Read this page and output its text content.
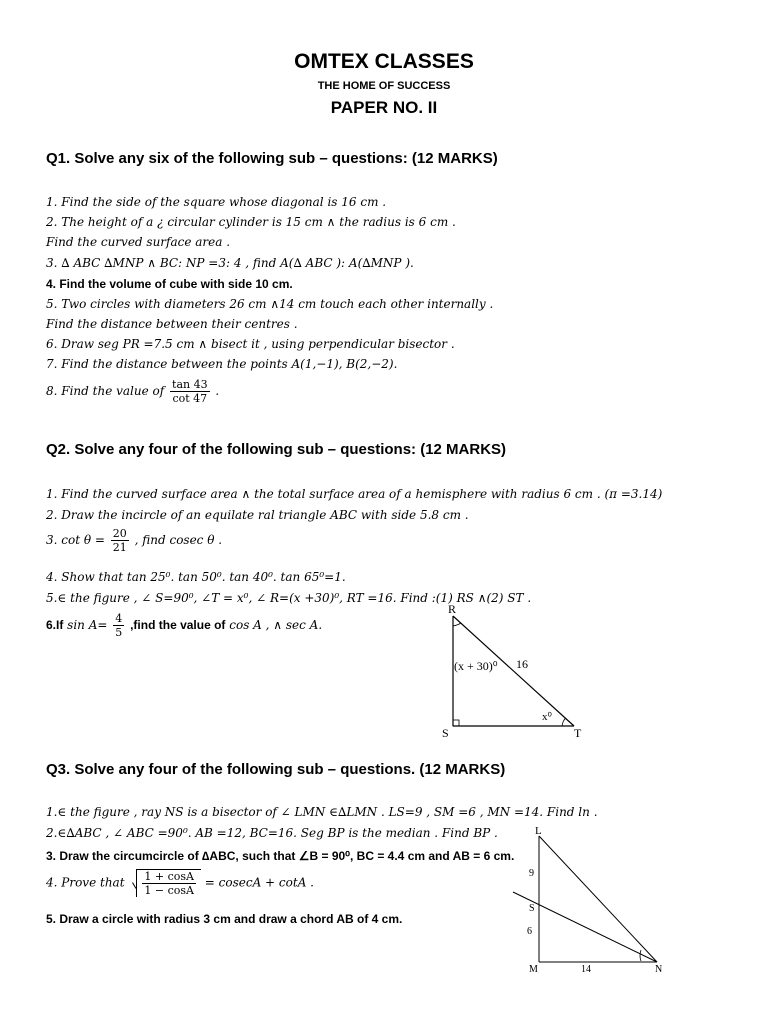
OMTEX CLASSES
THE HOME OF SUCCESS
PAPER NO. II
Q1. Solve any six of the following sub – questions: (12 MARKS)
1. Find the side of the square whose diagonal is 16 cm .
2. The height of a ¿ circular cylinder is 15 cm ∧ the radius is 6 cm .
Find the curved surface area .
3. ∆ ABC ∆MNP ∧ BC: NP =3: 4 , find A(∆ ABC ): A(∆MNP ).
4. Find the volume of cube with side 10 cm.
5. Two circles with diameters 26 cm ∧14 cm touch each other internally .
Find the distance between their centres .
6. Draw seg PR =7.5 cm ∧ bisect it , using perpendicular bisector .
7. Find the distance between the points A(1,−1), B(2,−2).
8. Find the value of $\frac{\tan 43}{\cot 47}$ .
Q2. Solve any four of the following sub – questions: (12 MARKS)
1. Find the curved surface area ∧ the total surface area of a hemisphere with radius 6 cm . (π =3.14)
2. Draw the incircle of an equilate ral triangle ABC with side 5.8 cm .
3. $\cot \theta = \frac{20}{21}$ , find cosec θ .
4. Show that tan 25⁰. tan 50⁰. tan 40⁰. tan 65⁰=1.
5.∈ the figure , ∠ S=90⁰, ∠T = x⁰, ∠ R=(x +30)⁰, RT =16. Find :(1) RS ∧(2) ST .
6.If $\sin A= \frac{4}{5}$ ,find the value of cos A , ∧ sec A.
R
S	T
(x + 30)⁰ 16
x⁰
Q3. Solve any four of the following sub – questions. (12 MARKS)
1.∈ the figure , ray NS is a bisector of ∠ LMN ∈∆LMN . LS=9 , SM =6 , MN =14. Find ln .
2.∈∆ABC , ∠ ABC =90⁰. AB =12, BC=16. Seg BP is the median . Find BP .
3. Draw the circumcircle of ∆ABC, such that ∠B = 90⁰, BC = 4.4 cm and AB = 6 cm.
4. Prove that $\frac{1 + \cos A}{1 - \cos A} = cosecA + \cot A$ .
5. Draw a circle with radius 3 cm and draw a chord AB of 4 cm.
L
9
S
6
M	14	N
